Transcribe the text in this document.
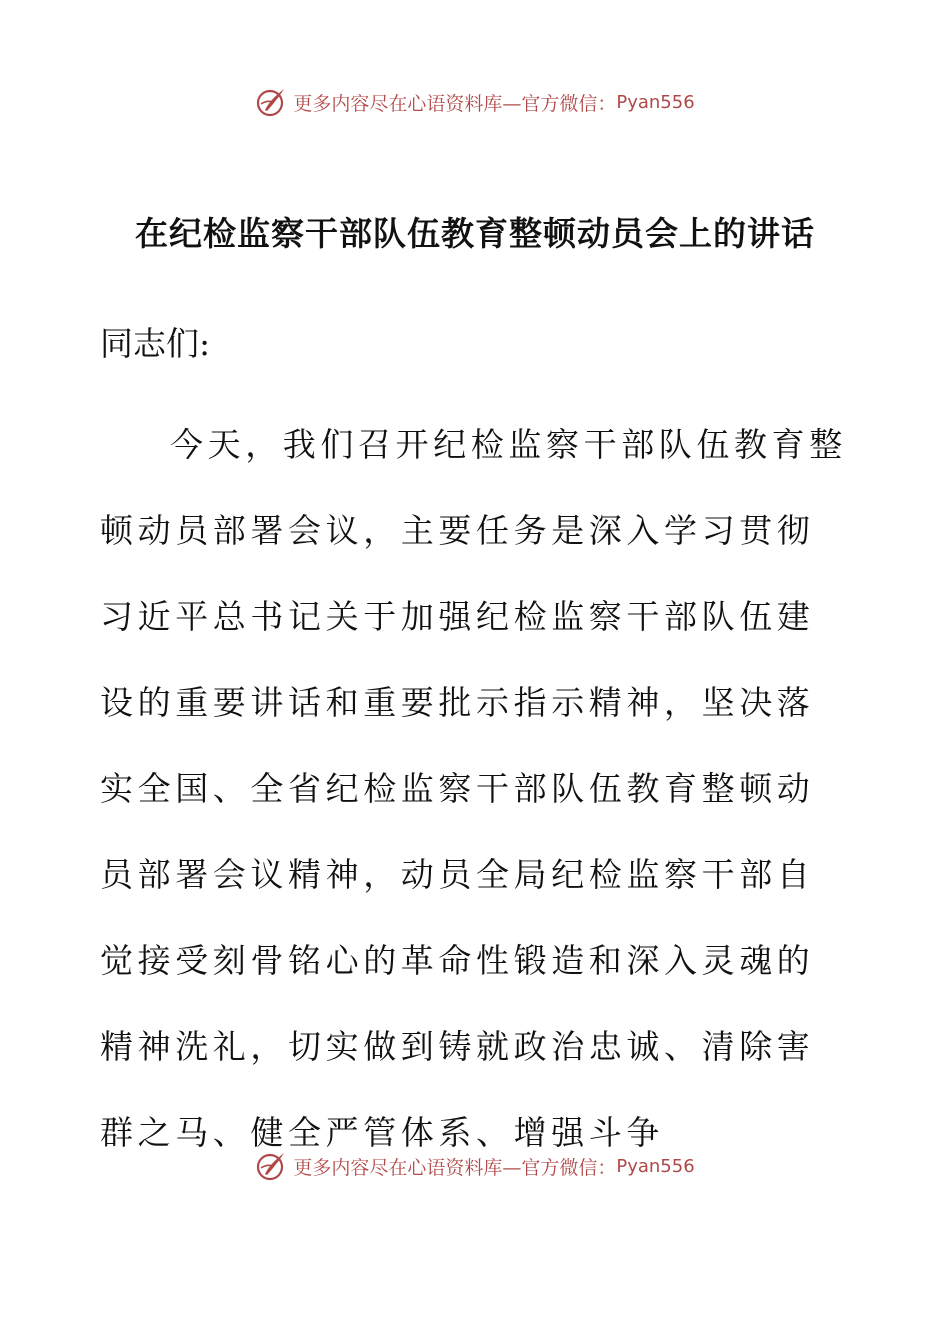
更多内容尽在心语资料库—官方微信： Pyan556
在纪检监察干部队伍教育整顿动员会上的讲话

同志们:

今天，我们召开纪检监察干部队伍教育整顿动员部署会议，主要任务是深入学习贯彻习近平总书记关于加强纪检监察干部队伍建设的重要讲话和重要批示指示精神，坚决落实全国、全省纪检监察干部队伍教育整顿动员部署会议精神，动员全局纪检监察干部自觉接受刻骨铭心的革命性锻造和深入灵魂的精神洗礼，切实做到铸就政治忠诚、清除害群之马、健全严管体系、增强斗争

更多内容尽在心语资料库—官方微信： Pyan556
